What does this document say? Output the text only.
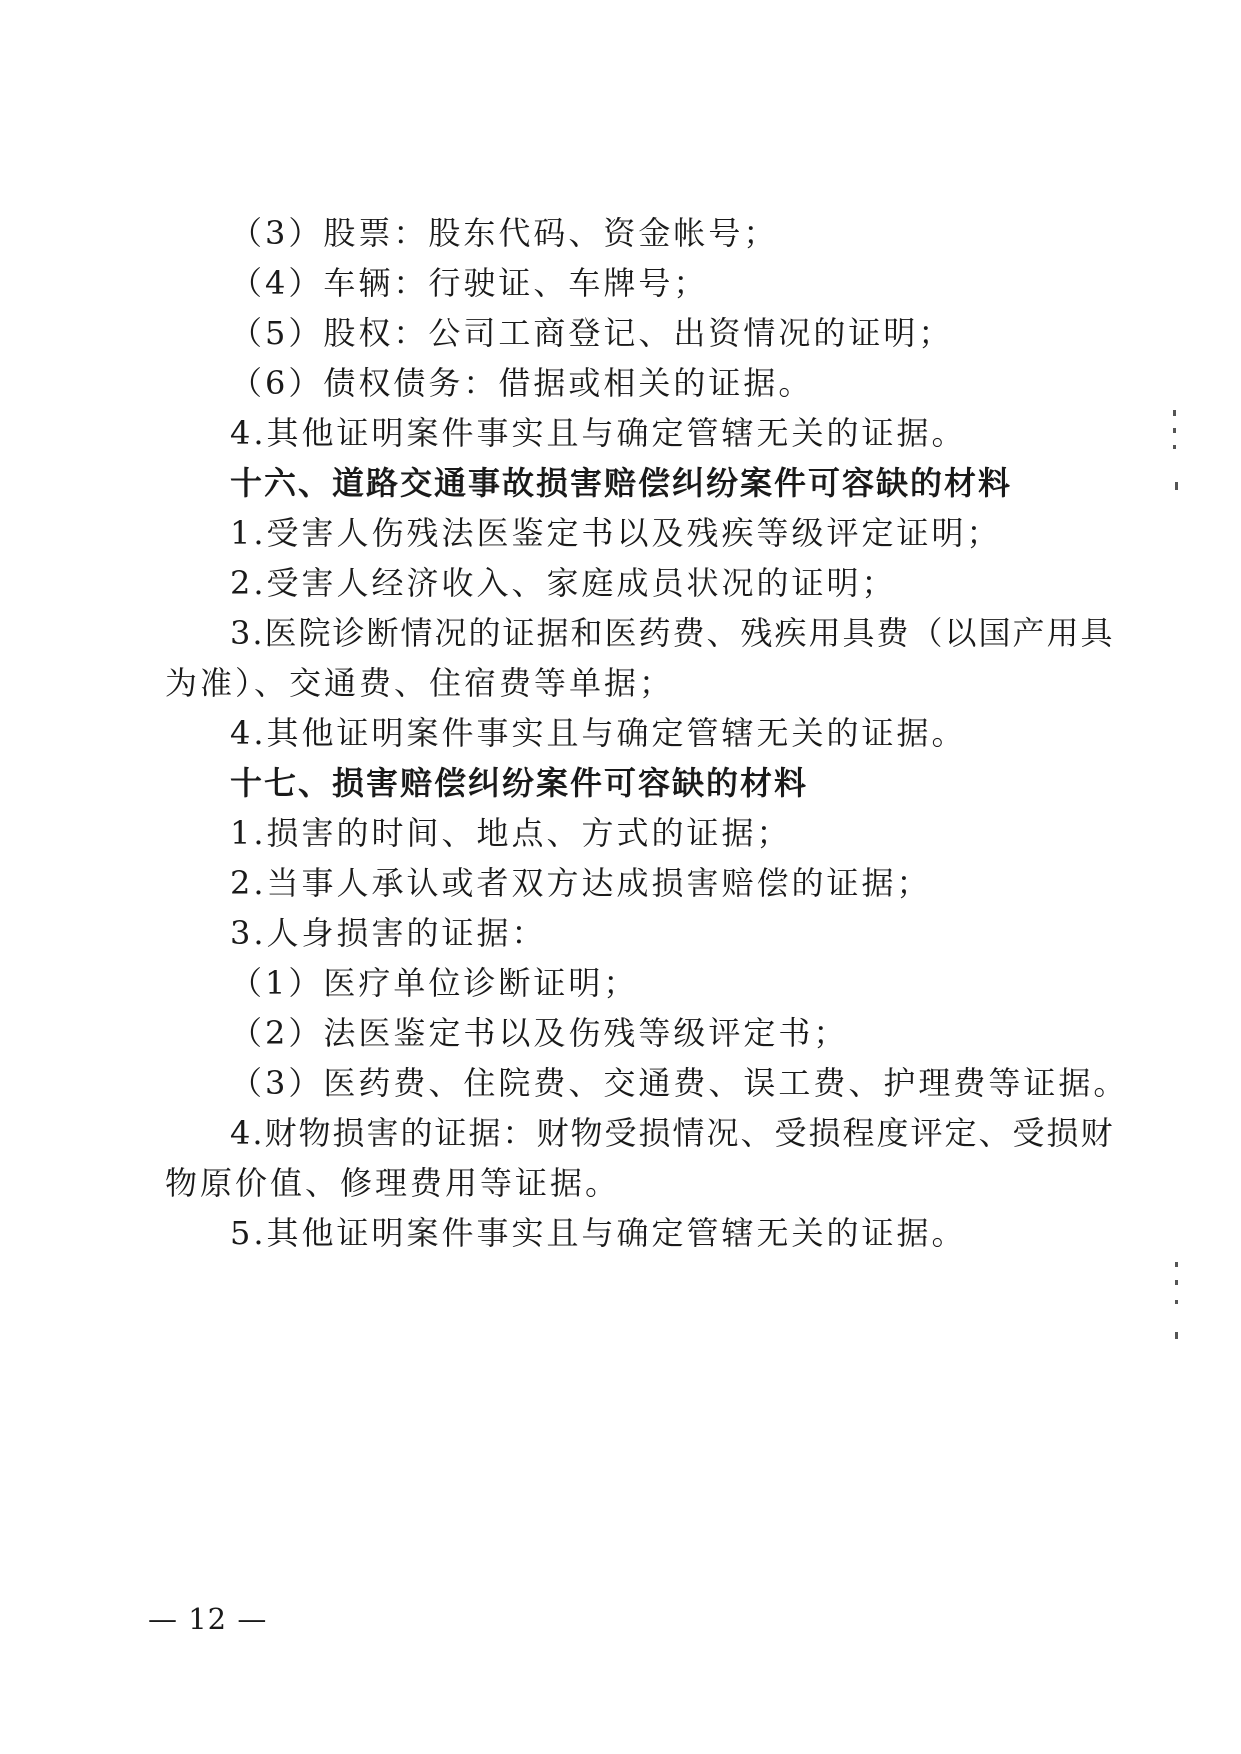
（3）股票：股东代码、资金帐号；
（4）车辆：行驶证、车牌号；
（5）股权：公司工商登记、出资情况的证明；
（6）债权债务：借据或相关的证据。
4.其他证明案件事实且与确定管辖无关的证据。
十六、道路交通事故损害赔偿纠纷案件可容缺的材料
1.受害人伤残法医鉴定书以及残疾等级评定证明；
2.受害人经济收入、家庭成员状况的证明；
3.医院诊断情况的证据和医药费、残疾用具费（以国产用具
为准）、交通费、住宿费等单据；
4.其他证明案件事实且与确定管辖无关的证据。
十七、损害赔偿纠纷案件可容缺的材料
1.损害的时间、地点、方式的证据；
2.当事人承认或者双方达成损害赔偿的证据；
3.人身损害的证据：
（1）医疗单位诊断证明；
（2）法医鉴定书以及伤残等级评定书；
（3）医药费、住院费、交通费、误工费、护理费等证据。
4.财物损害的证据：财物受损情况、受损程度评定、受损财
物原价值、修理费用等证据。
5.其他证明案件事实且与确定管辖无关的证据。
— 12 —
